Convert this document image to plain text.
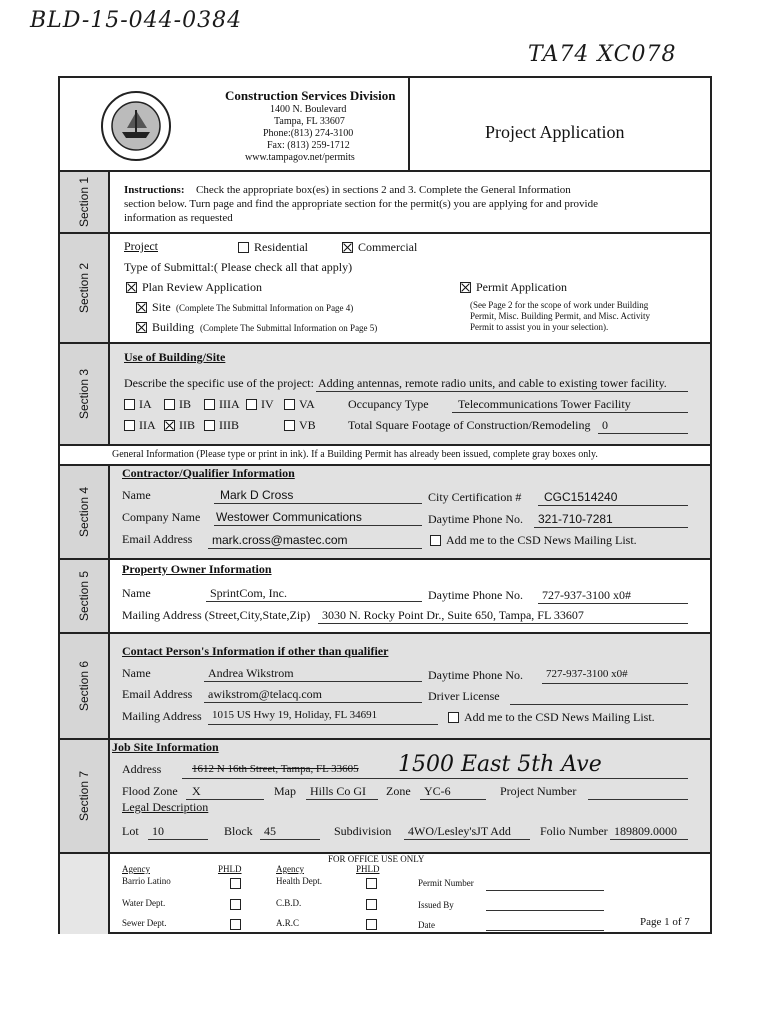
BLD-15-044-0384
TA74 XC078
Construction Services Division
1400 N. Boulevard
Tampa, FL 33607
Phone:(813) 274-3100
Fax: (813) 259-1712
www.tampagov.net/permits
Project Application
Section 1	Instructions: Check the appropriate box(es) in sections 2 and 3. Complete the General Information
section below. Turn page and find the appropriate section for the permit(s) you are applying for and provide
information as requested
Section 2
Project	Residential	Commercial
Type of Submittal:( Please check all that apply)
Plan Review Application
Site (Complete The Submittal Information on Page 4)
Building (Complete The Submittal Information on Page 5)
Permit Application
(See Page 2 for the scope of work under Building
Permit, Misc. Building Permit, and Misc. Activity
Permit to assist you in your selection).
Section 3
Use of Building/Site
Describe the specific use of the project: Adding antennas, remote radio units, and cable to existing tower facility.
IA IB IIIA IV VA	Occupancy Type Telecommunications Tower Facility
IIA IIB IIIB	VB	Total Square Footage of Construction/Remodeling 0
General Information (Please type or print in ink). If a Building Permit has already been issued, complete gray boxes only.
Section 4
Contractor/Qualifier Information
Name	Mark D Cross	City Certification # CGC1514240
Company Name Westower Communications	Daytime Phone No. 321-710-7281
Email Address mark.cross@mastec.com	Add me to the CSD News Mailing List.
Section 5
Property Owner Information
Name	SprintCom, Inc.	Daytime Phone No. 727-937-3100 x0#
Mailing Address (Street,City,State,Zip) 3030 N. Rocky Point Dr., Suite 650, Tampa, FL 33607
Section 6
Contact Person's Information if other than qualifier
Name	Andrea Wikstrom	Daytime Phone No. 727-937-3100 x0#
Email Address awikstrom@telacq.com	Driver License
Mailing Address 1015 US Hwy 19, Holiday, FL 34691	Add me to the CSD News Mailing List.
Section 7
Job Site Information
Address	1612 N 16th Street, Tampa, FL 33605 1500 East 5th Ave
Flood Zone X	Map Hills Co GI Zone YC-6	Project Number
Legal Description
Lot 10	Block 45	Subdivision 4WO/Lesley'sJT Add Folio Number 189809.0000
FOR OFFICE USE ONLY
Agency	PHLD	Agency	PHLD
Barrio Latino	Health Dept.	Permit Number
Water Dept.	C.B.D.	Issued By
Sewer Dept.	A.R.C	Date	Page 1 of 7
